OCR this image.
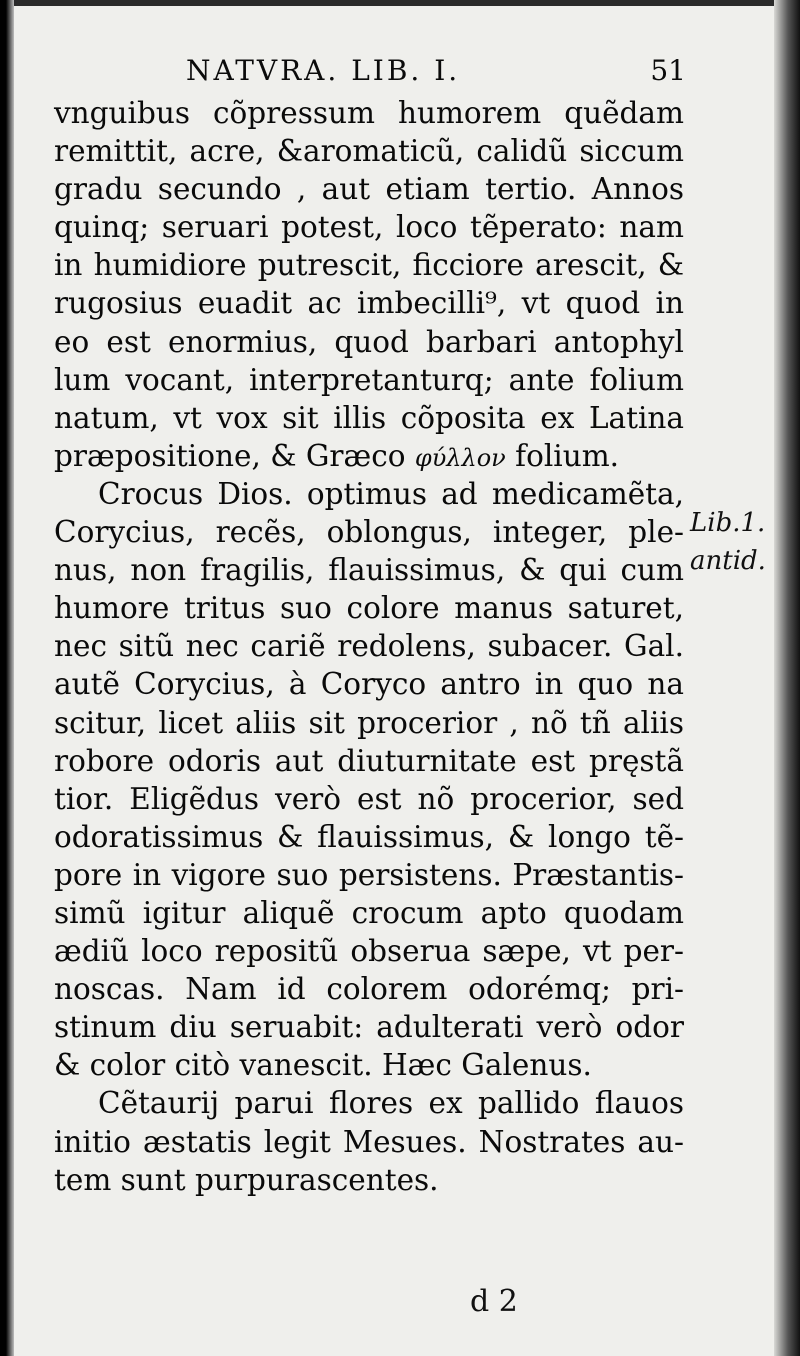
NATVRA. LIB. I.	51
vnguibus cõpressum humorem quẽdam
remittit, acre, &aromaticũ, calidũ siccum
gradu secundo , aut etiam tertio. Annos
quinq; seruari potest, loco tẽperato: nam
in humidiore putrescit, ficciore arescit, &
rugosius euadit ac imbecilli⁹, vt quod in
eo est enormius, quod barbari antophyl
lum vocant, interpretanturq; ante folium
natum, vt vox sit illis cõposita ex Latina
præpositione, & Græco φύλλον folium.
Crocus Dios. optimus ad medicamẽta,
Corycius, recẽs, oblongus, integer, ple-
nus, non fragilis, flauissimus, & qui cum
humore tritus suo colore manus saturet,
nec sitũ nec cariẽ redolens, subacer. Gal.
autẽ Corycius, à Coryco antro in quo na
scitur, licet aliis sit procerior , nõ tñ aliis
robore odoris aut diuturnitate est pręstã
tior. Eligẽdus verò est nõ procerior, sed
odoratissimus & flauissimus, & longo tẽ-
pore in vigore suo persistens. Præstantis-
simũ igitur aliquẽ crocum apto quodam
ædiũ loco repositũ obserua sæpe, vt per-
noscas. Nam id colorem odorémq; pri-
stinum diu seruabit: adulterati verò odor
& color citò vanescit. Hæc Galenus.
Cẽtaurij parui flores ex pallido flauos
initio æstatis legit Mesues. Nostrates au-
tem sunt purpurascentes.
Lib.1.
antid.
d 2
